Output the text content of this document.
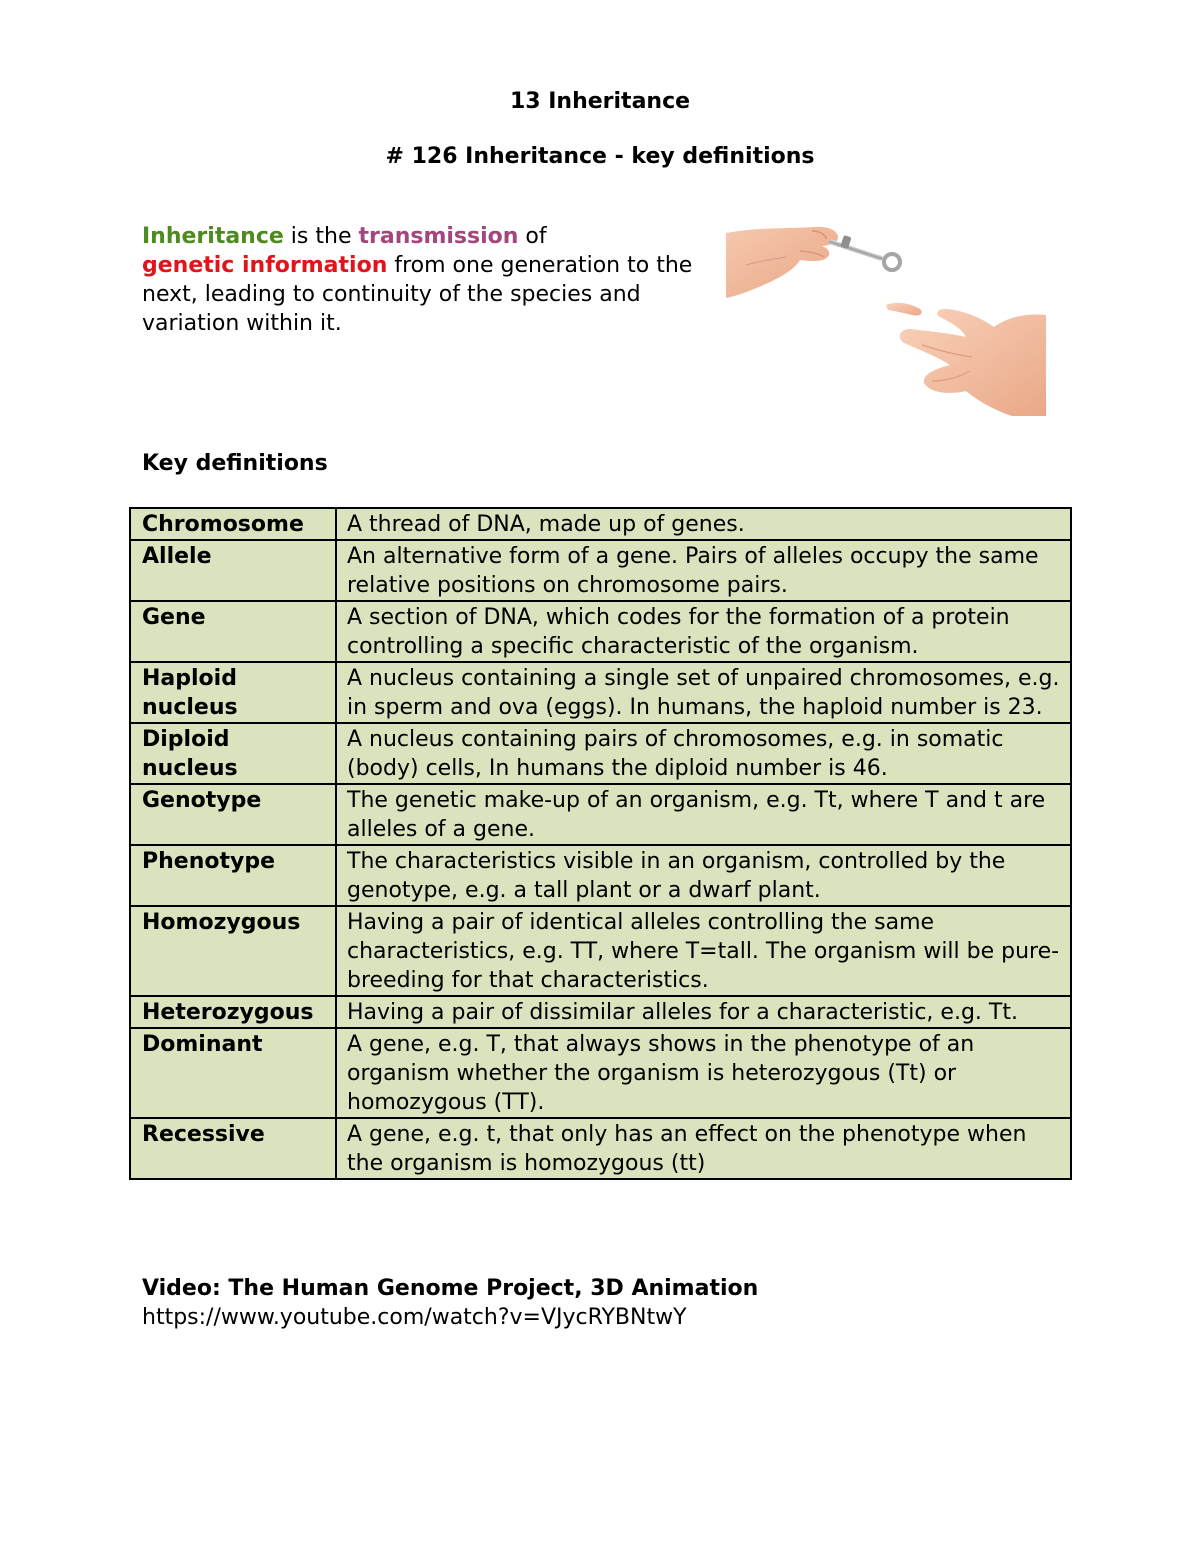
13 Inheritance
# 126 Inheritance - key definitions

Inheritance is the transmission of
genetic information from one generation to the next, leading to continuity of the species and variation within it.

Key definitions
Chromosome	A thread of DNA, made up of genes.
Allele	An alternative form of a gene. Pairs of alleles occupy the same relative positions on chromosome pairs.
Gene	A section of DNA, which codes for the formation of a protein controlling a specific characteristic of the organism.
Haploid nucleus	A nucleus containing a single set of unpaired chromosomes, e.g. in sperm and ova (eggs). In humans, the haploid number is 23.
Diploid nucleus	A nucleus containing pairs of chromosomes, e.g. in somatic (body) cells, In humans the diploid number is 46.
Genotype	The genetic make-up of an organism, e.g. Tt, where T and t are alleles of a gene.
Phenotype	The characteristics visible in an organism, controlled by the genotype, e.g. a tall plant or a dwarf plant.
Homozygous	Having a pair of identical alleles controlling the same characteristics, e.g. TT, where T=tall. The organism will be pure-breeding for that characteristics.
Heterozygous	Having a pair of dissimilar alleles for a characteristic, e.g. Tt.
Dominant	A gene, e.g. T, that always shows in the phenotype of an organism whether the organism is heterozygous (Tt) or homozygous (TT).
Recessive	A gene, e.g. t, that only has an effect on the phenotype when the organism is homozygous (tt)

Video: The Human Genome Project, 3D Animation

https://www.youtube.com/watch?v=VJycRYBNtwY
